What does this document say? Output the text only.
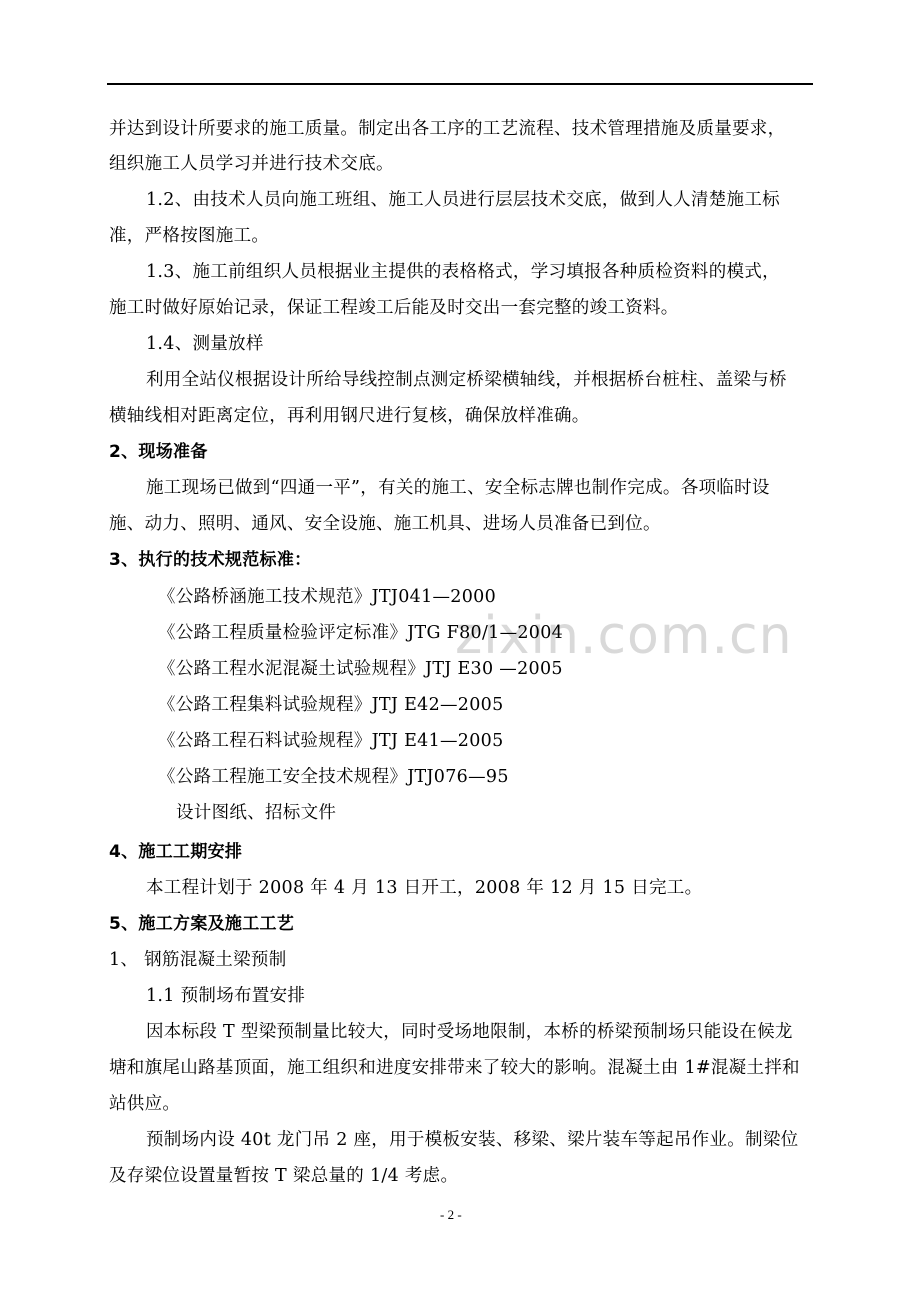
zixin.com.cn
并达到设计所要求的施工质量。制定出各工序的工艺流程、技术管理措施及质量要求，
组织施工人员学习并进行技术交底。
1.2、由技术人员向施工班组、施工人员进行层层技术交底，做到人人清楚施工标
准，严格按图施工。
1.3、施工前组织人员根据业主提供的表格格式，学习填报各种质检资料的模式，
施工时做好原始记录，保证工程竣工后能及时交出一套完整的竣工资料。
1.4、测量放样
利用全站仪根据设计所给导线控制点测定桥梁横轴线，并根据桥台桩柱、盖梁与桥
横轴线相对距离定位，再利用钢尺进行复核，确保放样准确。
2、现场准备
施工现场已做到“四通一平”，有关的施工、安全标志牌也制作完成。各项临时设
施、动力、照明、通风、安全设施、施工机具、进场人员准备已到位。
3、执行的技术规范标准：
《公路桥涵施工技术规范》JTJ041—2000
《公路工程质量检验评定标准》JTG F80/1—2004
《公路工程水泥混凝土试验规程》JTJ E30 —2005
《公路工程集料试验规程》JTJ E42—2005
《公路工程石料试验规程》JTJ E41—2005
《公路工程施工安全技术规程》JTJ076—95
设计图纸、招标文件
4、施工工期安排
本工程计划于 2008 年 4 月 13 日开工，2008 年 12 月 15 日完工。
5、施工方案及施工工艺
1、 钢筋混凝土梁预制
1.1 预制场布置安排
因本标段 T 型梁预制量比较大，同时受场地限制，本桥的桥梁预制场只能设在候龙
塘和旗尾山路基顶面，施工组织和进度安排带来了较大的影响。混凝土由 1#混凝土拌和
站供应。
预制场内设 40t 龙门吊 2 座，用于模板安装、移梁、梁片装车等起吊作业。制梁位
及存梁位设置量暂按 T 梁总量的 1/4 考虑。
- 2 -
